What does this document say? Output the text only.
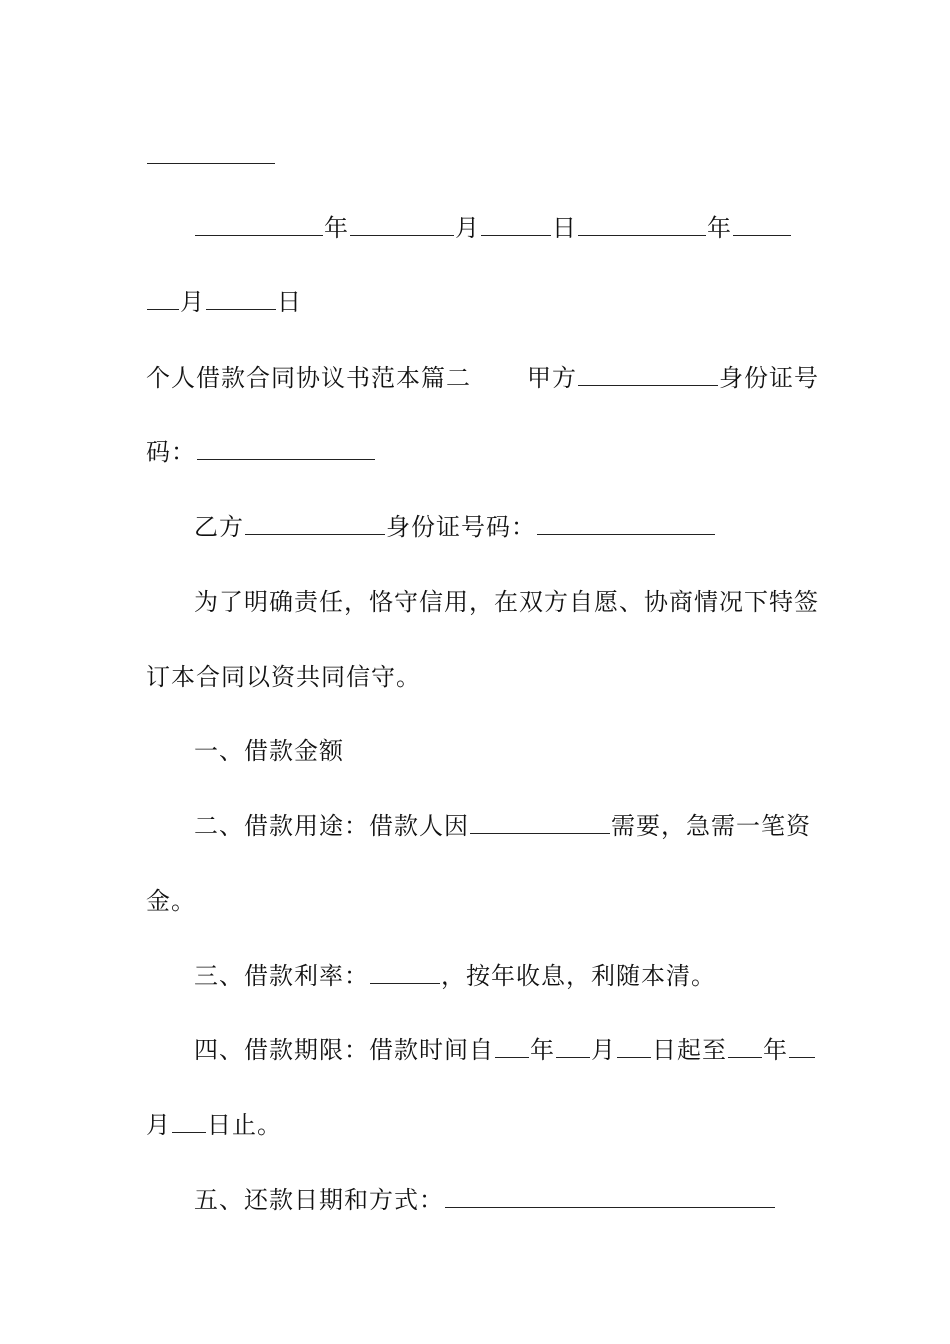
年	月	日	年
月	日
个人借款合同协议书范本篇二 甲方	身份证号
码：
乙方	身份证号码：
为了明确责任，恪守信用，在双方自愿、协商情况下特签
订本合同以资共同信守。
一、借款金额
二、借款用途：借款人因	需要，急需一笔资
金。
三、借款利率：	，按年收息，利随本清。
四、借款期限：借款时间自 年 月 日起至 年
月 日止。
五、还款日期和方式：
